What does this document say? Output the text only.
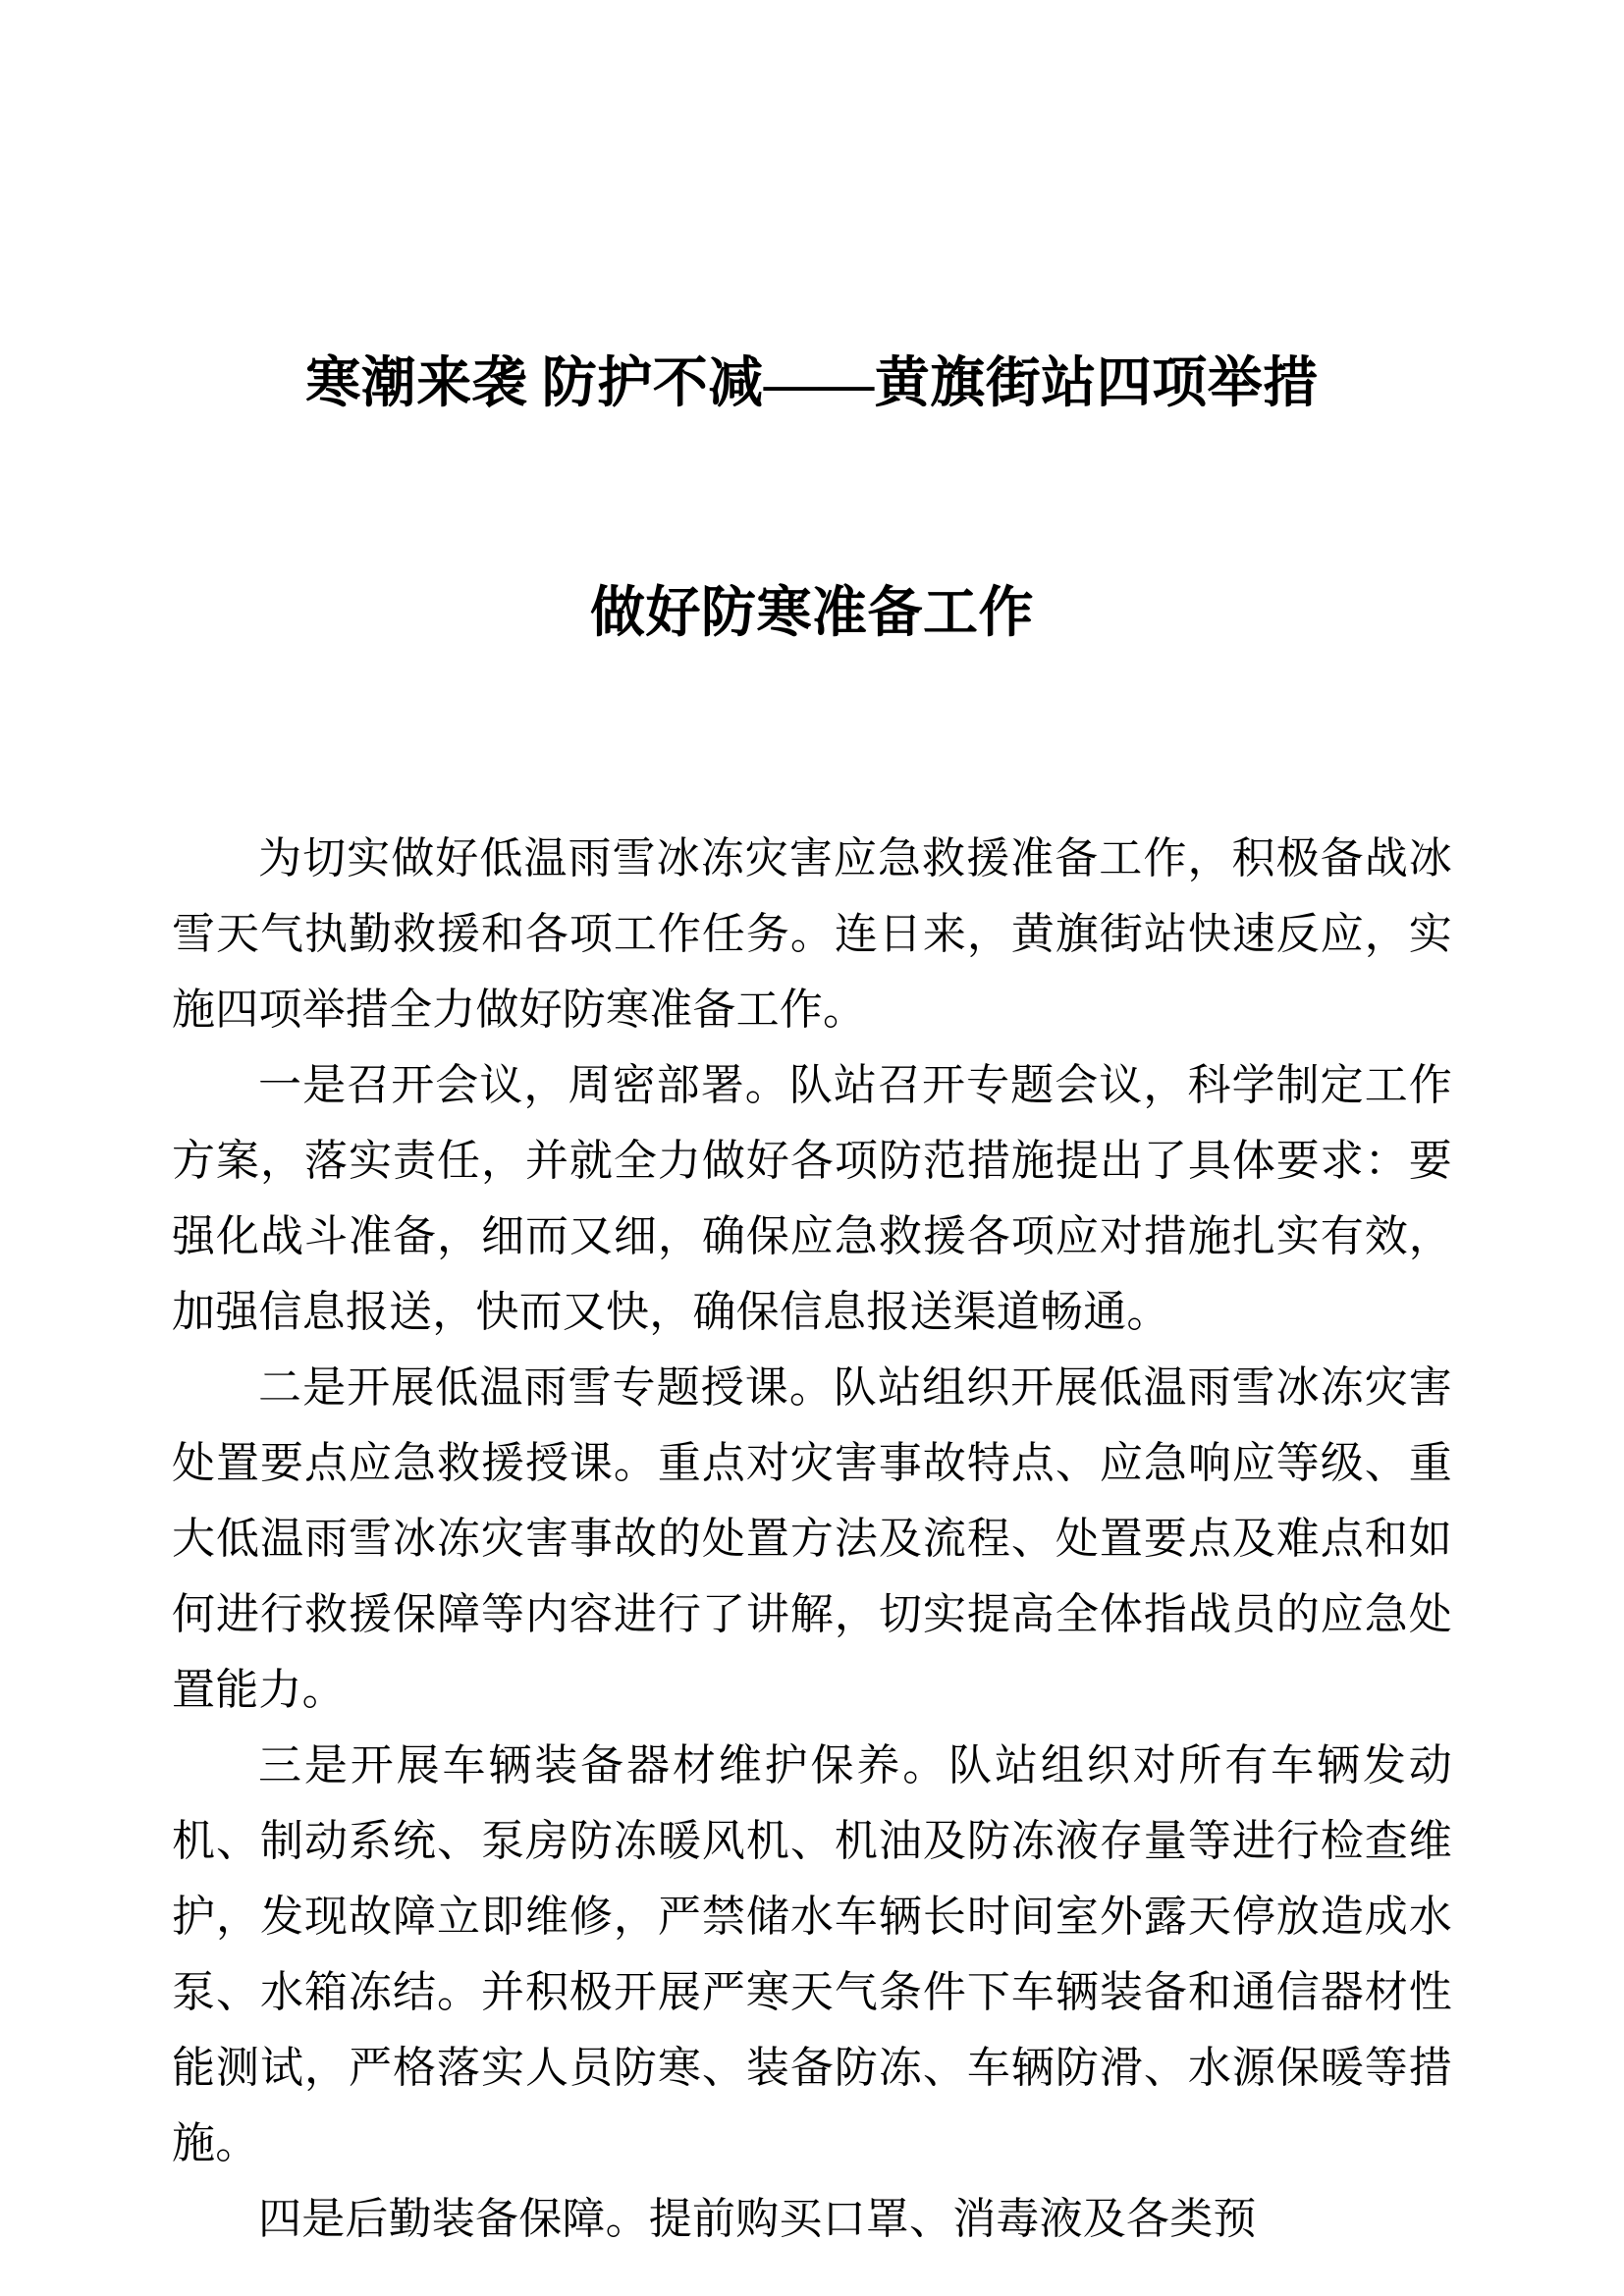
寒潮来袭 防护不减——黄旗街站四项举措

做好防寒准备工作

为切实做好低温雨雪冰冻灾害应急救援准备工作，积极备战冰雪天气执勤救援和各项工作任务。连日来，黄旗街站快速反应，实施四项举措全力做好防寒准备工作。

一是召开会议，周密部署。队站召开专题会议，科学制定工作方案，落实责任，并就全力做好各项防范措施提出了具体要求：要强化战斗准备，细而又细，确保应急救援各项应对措施扎实有效，加强信息报送，快而又快，确保信息报送渠道畅通。

二是开展低温雨雪专题授课。队站组织开展低温雨雪冰冻灾害处置要点应急救援授课。重点对灾害事故特点、应急响应等级、重大低温雨雪冰冻灾害事故的处置方法及流程、处置要点及难点和如何进行救援保障等内容进行了讲解，切实提高全体指战员的应急处置能力。

三是开展车辆装备器材维护保养。队站组织对所有车辆发动机、制动系统、泵房防冻暖风机、机油及防冻液存量等进行检查维护，发现故障立即维修，严禁储水车辆长时间室外露天停放造成水泵、水箱冻结。并积极开展严寒天气条件下车辆装备和通信器材性能测试，严格落实人员防寒、装备防冻、车辆防滑、水源保暖等措施。

四是后勤装备保障。提前购买口罩、消毒液及各类预
